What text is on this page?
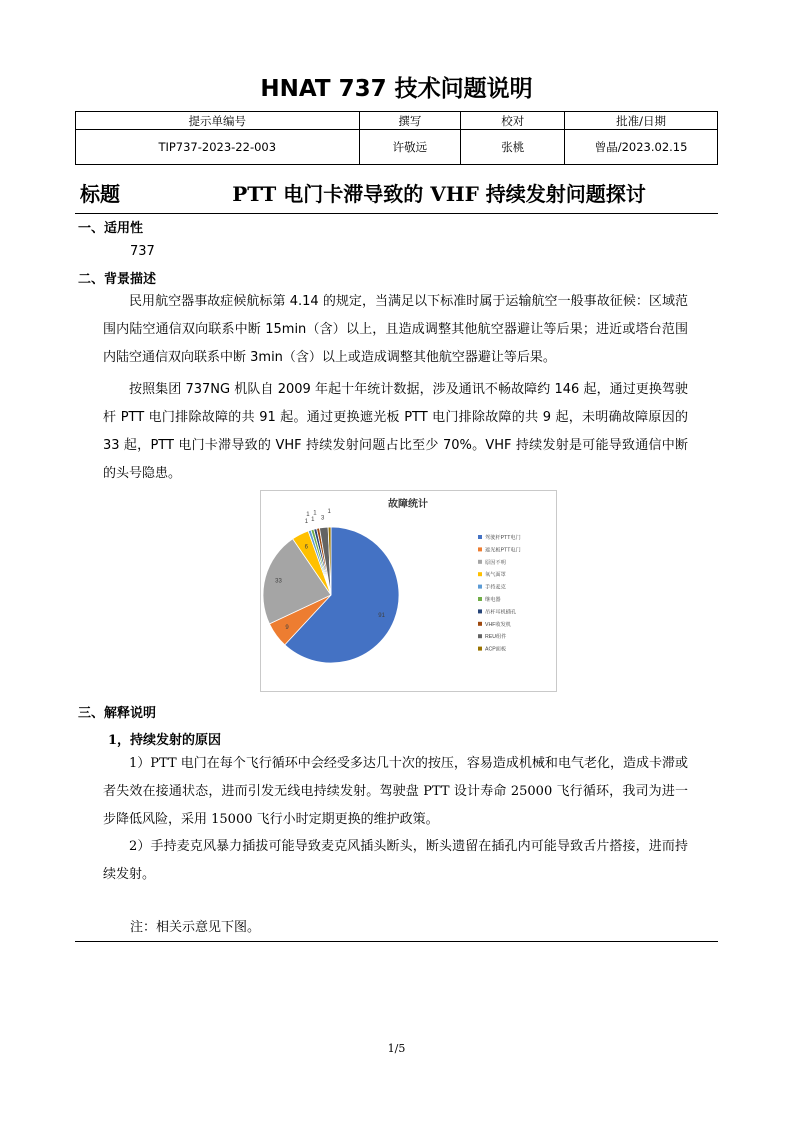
HNAT 737 技术问题说明
提示单编号	撰写	校对	批准/日期
TIP737-2023-22-003	许敬远	张桃	曾晶/2023.02.15
标题	PTT 电门卡滞导致的 VHF 持续发射问题探讨
一、适用性
737
二、背景描述

民用航空器事故症候航标第 4.14 的规定，当满足以下标准时属于运输航空一般事故征候：区域范围内陆空通信双向联系中断 15min（含）以上，且造成调整其他航空器避让等后果；进近或塔台范围内陆空通信双向联系中断 3min（含）以上或造成调整其他航空器避让等后果。

按照集团 737NG 机队自 2009 年起十年统计数据，涉及通讯不畅故障约 146 起，通过更换驾驶杆 PTT 电门排除故障的共 91 起。通过更换遮光板 PTT 电门排除故障的共 9 起，未明确故障原因的 33 起，PTT 电门卡滞导致的 VHF 持续发射问题占比至少 70%。VHF 持续发射是可能导致通信中断的头号隐患。

故障统计
91
9
33
6
1
1
1
1
3
1
驾驶杆PTT电门
遮光板PTT电门
原因不明
氧气面罩
手持麦克
继电器
吊杆耳机插孔
VHF收发机
REU组件
ACP面板
三、解释说明
1，持续发射的原因

1）PTT 电门在每个飞行循环中会经受多达几十次的按压，容易造成机械和电气老化，造成卡滞或者失效在接通状态，进而引发无线电持续发射。驾驶盘 PTT 设计寿命 25000 飞行循环，我司为进一步降低风险，采用 15000 飞行小时定期更换的维护政策。

2）手持麦克风暴力插拔可能导致麦克风插头断头，断头遗留在插孔内可能导致舌片搭接，进而持续发射。

注：相关示意见下图。
1/5
